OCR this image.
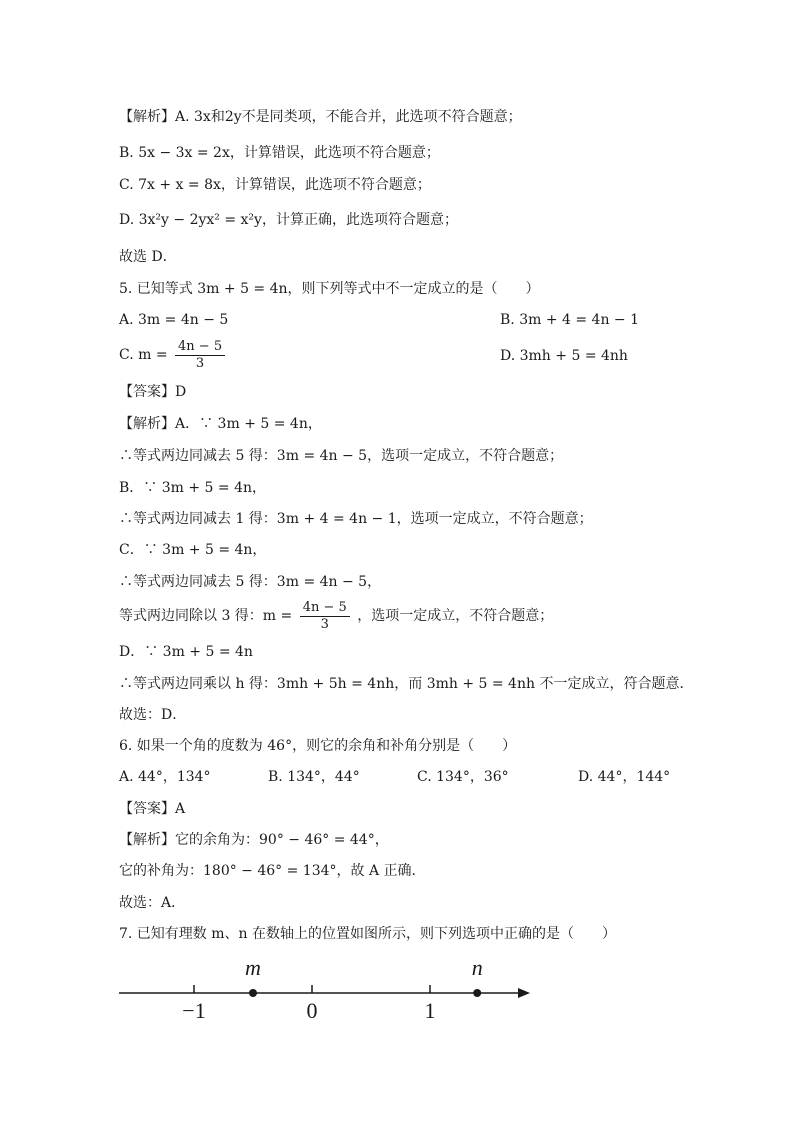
【解析】A. 3x和2y不是同类项，不能合并，此选项不符合题意；
B. 5x − 3x = 2x，计算错误，此选项不符合题意；
C. 7x + x = 8x，计算错误，此选项不符合题意；
D. 3x²y − 2yx² = x²y，计算正确，此选项符合题意；
故选 D．
5. 已知等式 3m + 5 = 4n，则下列等式中不一定成立的是（　　）
A. 3m = 4n − 5	B. 3m + 4 = 4n − 1
C. $m = \frac{4n - 5}{3}$	D. 3mh + 5 = 4nh
【答案】D
【解析】A．∵ 3m + 5 = 4n，
∴等式两边同减去 5 得：3m = 4n − 5，选项一定成立，不符合题意；
B．∵ 3m + 5 = 4n，
∴等式两边同减去 1 得：3m + 4 = 4n − 1，选项一定成立，不符合题意；
C．∵ 3m + 5 = 4n，
∴等式两边同减去 5 得：3m = 4n − 5，
等式两边同除以 3 得：$m = \frac{4n - 5}{3}$ ，选项一定成立，不符合题意；
D．∵ 3m + 5 = 4n
∴等式两边同乘以 h 得：3mh + 5h = 4nh，而 3mh + 5 = 4nh 不一定成立，符合题意．
故选：D．
6. 如果一个角的度数为 46°，则它的余角和补角分别是（　　）
A. 44°，134°	B. 134°，44°	C. 134°，36°	D. 44°，144°
【答案】A
【解析】它的余角为：90° − 46° = 44°，
它的补角为：180° − 46° = 134°，故 A 正确．
故选：A．
7. 已知有理数 m、n 在数轴上的位置如图所示，则下列选项中正确的是（　　）
−1	0	1
m	n
